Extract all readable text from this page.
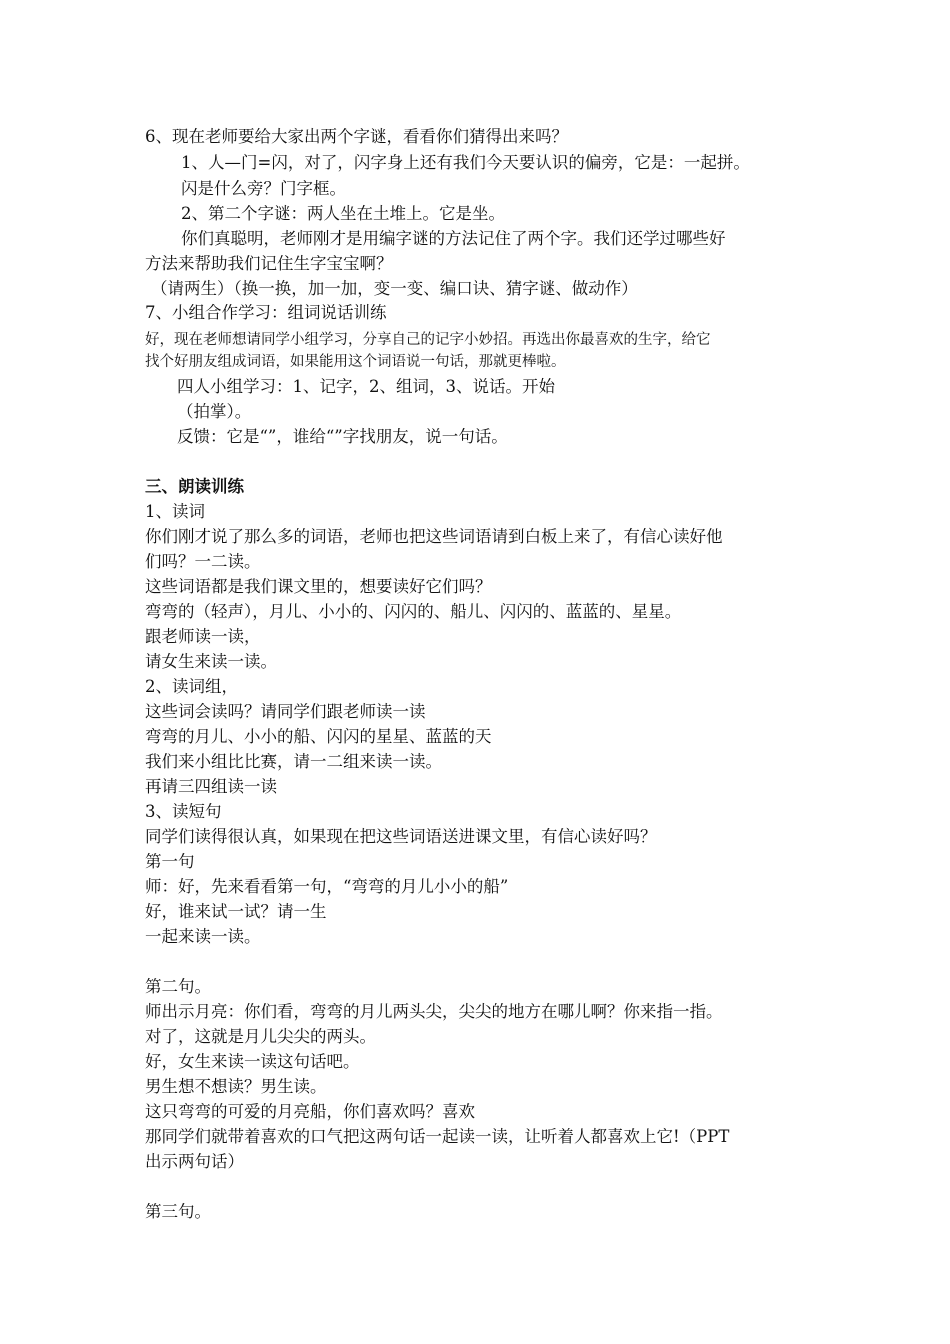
6、现在老师要给大家出两个字谜，看看你们猜得出来吗？
1、人—门=闪，对了，闪字身上还有我们今天要认识的偏旁，它是：一起拼。
闪是什么旁？门字框。
2、第二个字谜：两人坐在土堆上。它是坐。
你们真聪明，老师刚才是用编字谜的方法记住了两个字。我们还学过哪些好
方法来帮助我们记住生字宝宝啊？
（请两生）（换一换，加一加，变一变、编口诀、猜字谜、做动作）
7、小组合作学习：组词说话训练
好，现在老师想请同学小组学习，分享自己的记字小妙招。再选出你最喜欢的生字，给它
找个好朋友组成词语，如果能用这个词语说一句话，那就更棒啦。
四人小组学习：1、记字，2、组词，3、说话。开始
（拍掌）。
反馈：它是“”，谁给“”字找朋友，说一句话。
三、朗读训练
1、读词
你们刚才说了那么多的词语，老师也把这些词语请到白板上来了，有信心读好他
们吗？一二读。
这些词语都是我们课文里的，想要读好它们吗？
弯弯的（轻声），月儿、小小的、闪闪的、船儿、闪闪的、蓝蓝的、星星。
跟老师读一读，
请女生来读一读。
2、读词组，
这些词会读吗？请同学们跟老师读一读
弯弯的月儿、小小的船、闪闪的星星、蓝蓝的天
我们来小组比比赛，请一二组来读一读。
再请三四组读一读
3、读短句
同学们读得很认真，如果现在把这些词语送进课文里，有信心读好吗？
第一句
师：好，先来看看第一句，“弯弯的月儿小小的船”
好，谁来试一试？请一生
一起来读一读。
第二句。
师出示月亮：你们看，弯弯的月儿两头尖，尖尖的地方在哪儿啊？你来指一指。
对了，这就是月儿尖尖的两头。
好，女生来读一读这句话吧。
男生想不想读？男生读。
这只弯弯的可爱的月亮船，你们喜欢吗？喜欢
那同学们就带着喜欢的口气把这两句话一起读一读，让听着人都喜欢上它!（PPT
出示两句话）
第三句。
